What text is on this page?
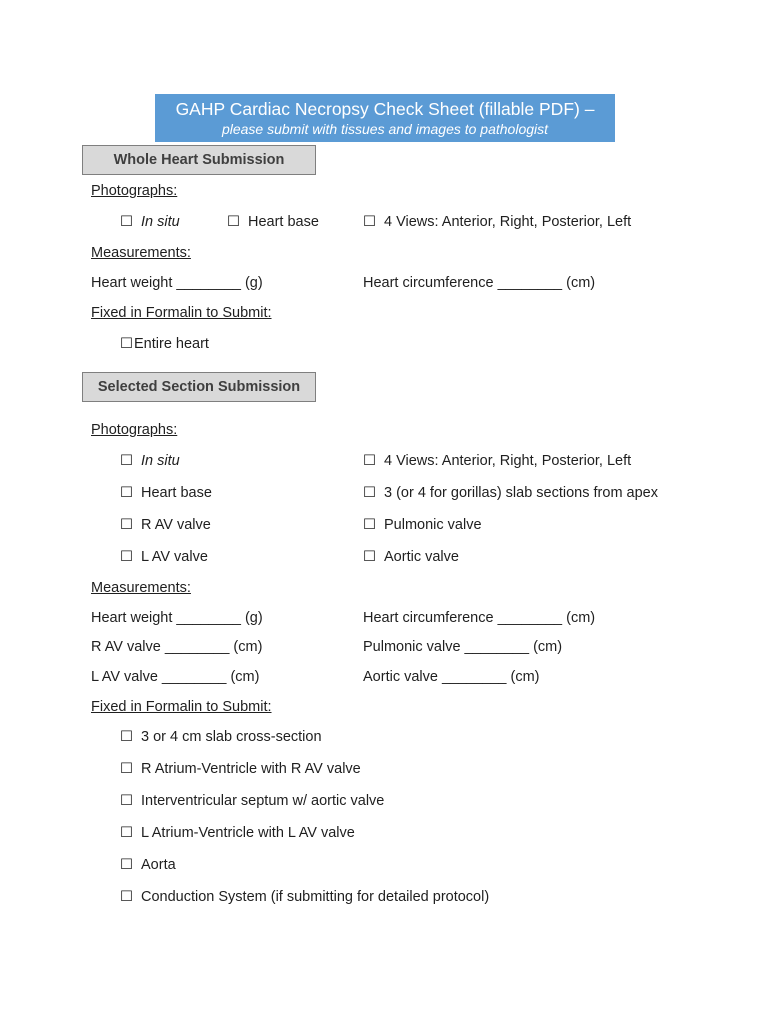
GAHP Cardiac Necropsy Check Sheet (fillable PDF) –
please submit with tissues and images to pathologist
Whole Heart Submission
Photographs:
☐ In situ	☐ Heart base	☐ 4 Views: Anterior, Right, Posterior, Left
Measurements:
Heart weight ________ (g)	Heart circumference ________ (cm)
Fixed in Formalin to Submit:
☐Entire heart
Selected Section Submission
Photographs:
☐ In situ	☐ 4 Views: Anterior, Right, Posterior, Left
☐ Heart base	☐ 3 (or 4 for gorillas) slab sections from apex
☐ R AV valve	☐ Pulmonic valve
☐ L AV valve	☐ Aortic valve
Measurements:
Heart weight ________ (g)	Heart circumference ________ (cm)
R AV valve ________ (cm)	Pulmonic valve ________ (cm)
L AV valve ________ (cm)	Aortic valve ________ (cm)
Fixed in Formalin to Submit:
☐ 3 or 4 cm slab cross-section
☐ R Atrium-Ventricle with R AV valve
☐ Interventricular septum w/ aortic valve
☐ L Atrium-Ventricle with L AV valve
☐ Aorta
☐ Conduction System (if submitting for detailed protocol)
